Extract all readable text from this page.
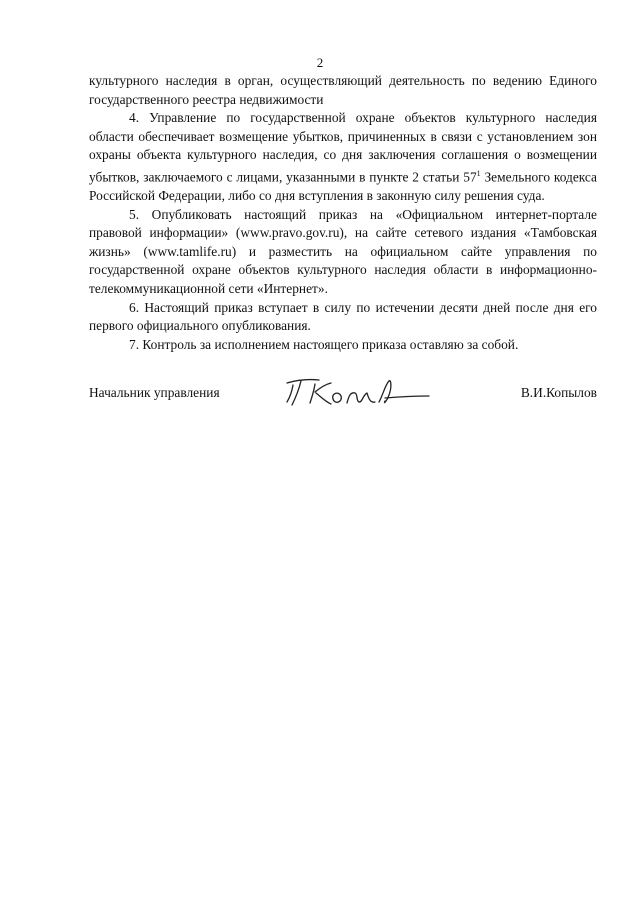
2

культурного наследия в орган, осуществляющий деятельность по ведению Единого государственного реестра недвижимости

4. Управление по государственной охране объектов культурного наследия области обеспечивает возмещение убытков, причиненных в связи с установлением зон охраны объекта культурного наследия, со дня заключения соглашения о возмещении убытков, заключаемого с лицами, указанными в пункте 2 статьи $57^1$ Земельного кодекса Российской Федерации, либо со дня вступления в законную силу решения суда.

5. Опубликовать настоящий приказ на «Официальном интернет-портале правовой информации» (www.pravo.gov.ru), на сайте сетевого издания «Тамбовская жизнь» (www.tamlife.ru) и разместить на официальном сайте управления по государственной охране объектов культурного наследия области в информационно-телекоммуникационной сети «Интернет».

6. Настоящий приказ вступает в силу по истечении десяти дней после дня его первого официального опубликования.

7. Контроль за исполнением настоящего приказа оставляю за собой.

Начальник управления	В.И.Копылов
